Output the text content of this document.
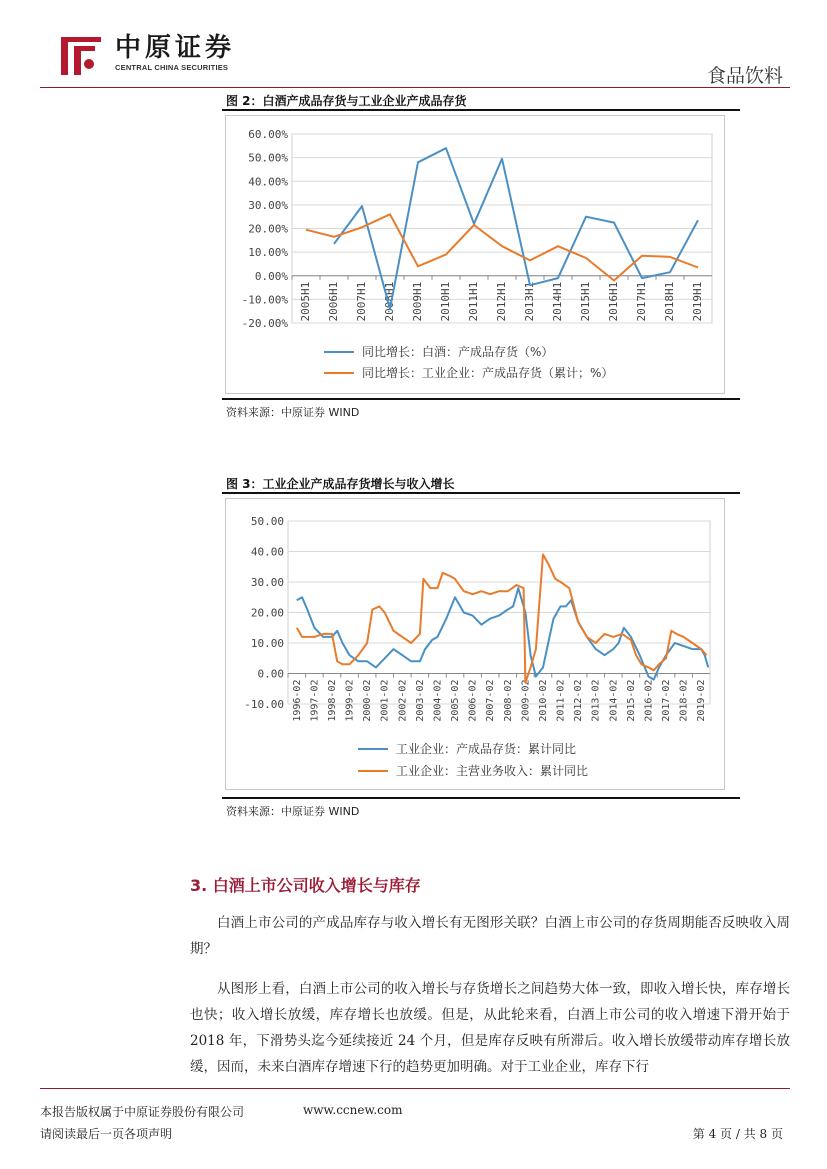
中原证券
CENTRAL CHINA SECURITIES	食品饮料
图 2：白酒产成品存货与工业企业产成品存货
60.00%
50.00%
40.00%
30.00%
20.00%
10.00%
0.00%
-10.00%
-20.00%
2005H1 2006H1 2007H1 2008H1 2009H1 2010H1 2011H1 2012H1 2013H1 2014H1 2015H1 2016H1 2017H1 2018H1 2019H1
同比增长：白酒：产成品存货（%）
同比增长：工业企业：产成品存货（累计；%）
资料来源：中原证券 WIND
图 3：工业企业产成品存货增长与收入增长
50.00
40.00
30.00
20.00
10.00
0.00
-10.00 1996-02 1997-02 1998-02 1999-02 2000-02 2001-02 2002-02 2003-02 2004-02 2005-02 2006-02 2007-02 2008-02 2009-02 2010-02 2011-02 2012-02 2013-02 2014-02 2015-02 2016-02 2017-02 2018-02 2019-02
工业企业：产成品存货：累计同比
工业企业：主营业务收入：累计同比
资料来源：中原证券 WIND
3. 白酒上市公司收入增长与库存

白酒上市公司的产成品库存与收入增长有无图形关联？白酒上市公司的存货周期能否反映收入周期？

从图形上看，白酒上市公司的收入增长与存货增长之间趋势大体一致，即收入增长快，库存增长也快；收入增长放缓，库存增长也放缓。但是，从此轮来看，白酒上市公司的收入增速下滑开始于 2018 年，下滑势头迄今延续接近 24 个月，但是库存反映有所滞后。收入增长放缓带动库存增长放缓，因而，未来白酒库存增速下行的趋势更加明确。对于工业企业，库存下行

本报告版权属于中原证券股份有限公司	www.ccnew.com
请阅读最后一页各项声明	第 4 页 / 共 8 页
